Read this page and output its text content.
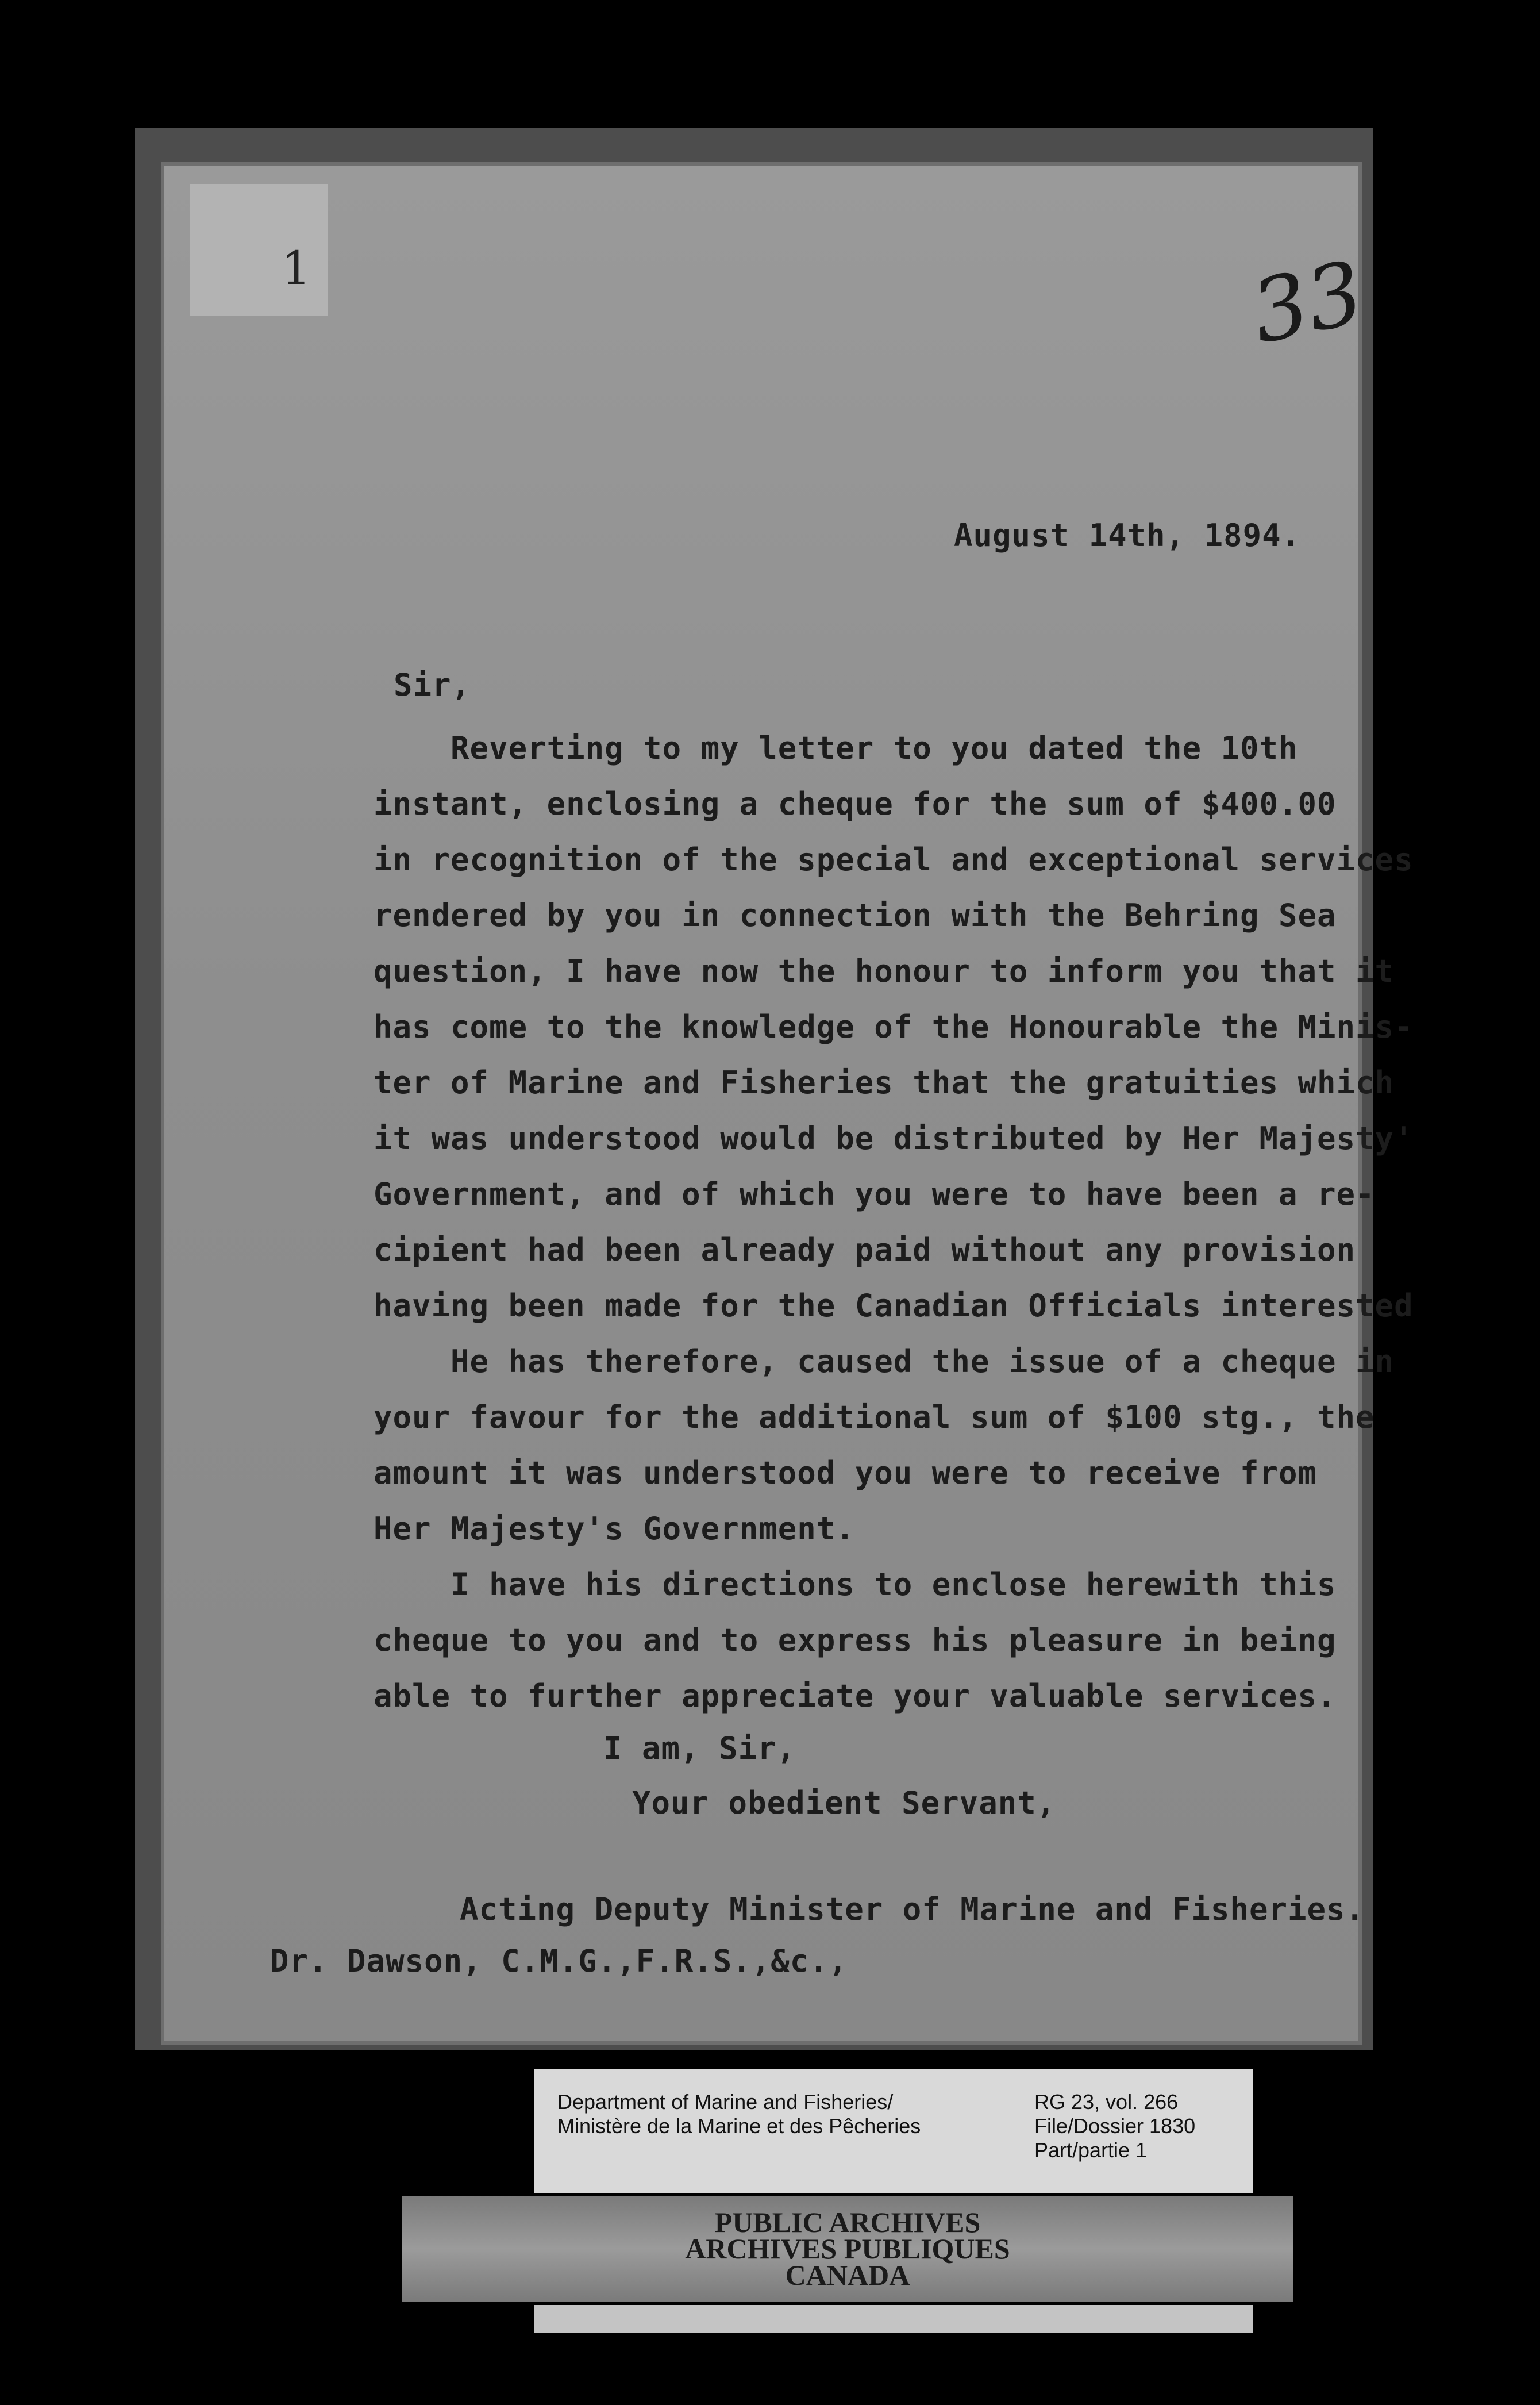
1	33
August 14th, 1894.
Sir,
Reverting to my letter to you dated the 10th
instant, enclosing a cheque for the sum of $400.00
in recognition of the special and exceptional services
rendered by you in connection with the Behring Sea
question, I have now the honour to inform you that it
has come to the knowledge of the Honourable the Minis-
ter of Marine and Fisheries that the gratuities which
it was understood would be distributed by Her Majesty'
Government, and of which you were to have been a re-
cipient had been already paid without any provision
having been made for the Canadian Officials interested
He has therefore, caused the issue of a cheque in
your favour for the additional sum of $100 stg., the
amount it was understood you were to receive from
Her Majesty's Government.
I have his directions to enclose herewith this
cheque to you and to express his pleasure in being
able to further appreciate your valuable services.
I am, Sir,
Your obedient Servant,
Acting Deputy Minister of Marine and Fisheries.
Dr. Dawson, C.M.G.,F.R.S.,&c.,
Department of Marine and Fisheries/
Ministère de la Marine et des Pêcheries
RG 23, vol. 266
File/Dossier 1830
Part/partie 1
PUBLIC ARCHIVES
ARCHIVES PUBLIQUES
CANADA
